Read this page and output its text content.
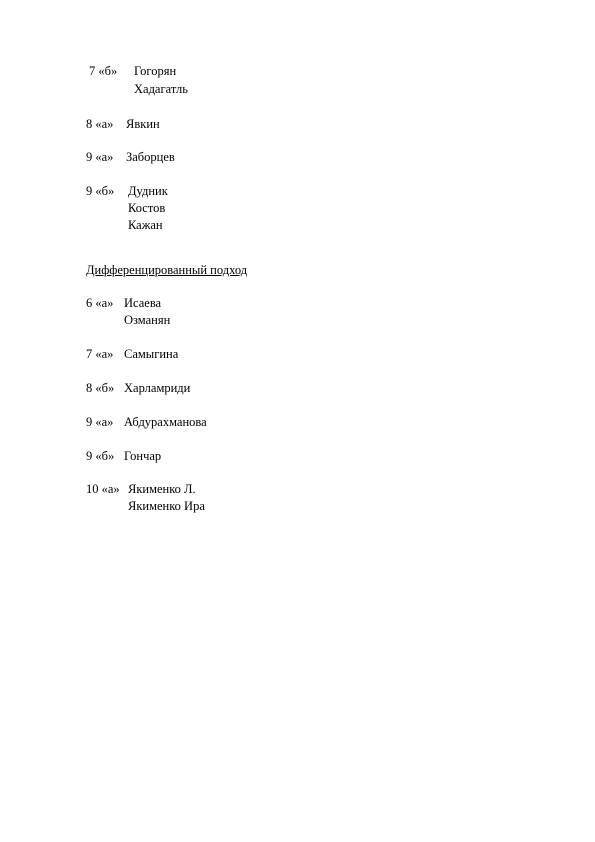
7 «б» Гогорян
Хадагатль
8 «а» Явкин
9 «а» Заборцев
9 «б» Дудник
Костов
Кажан
Дифференцированный подход
6 «а» Исаева
Озманян
7 «а» Самыгина
8 «б» Харламриди
9 «а» Абдурахманова
9 «б» Гончар
10 «а» Якименко Л.
Якименко Ира
